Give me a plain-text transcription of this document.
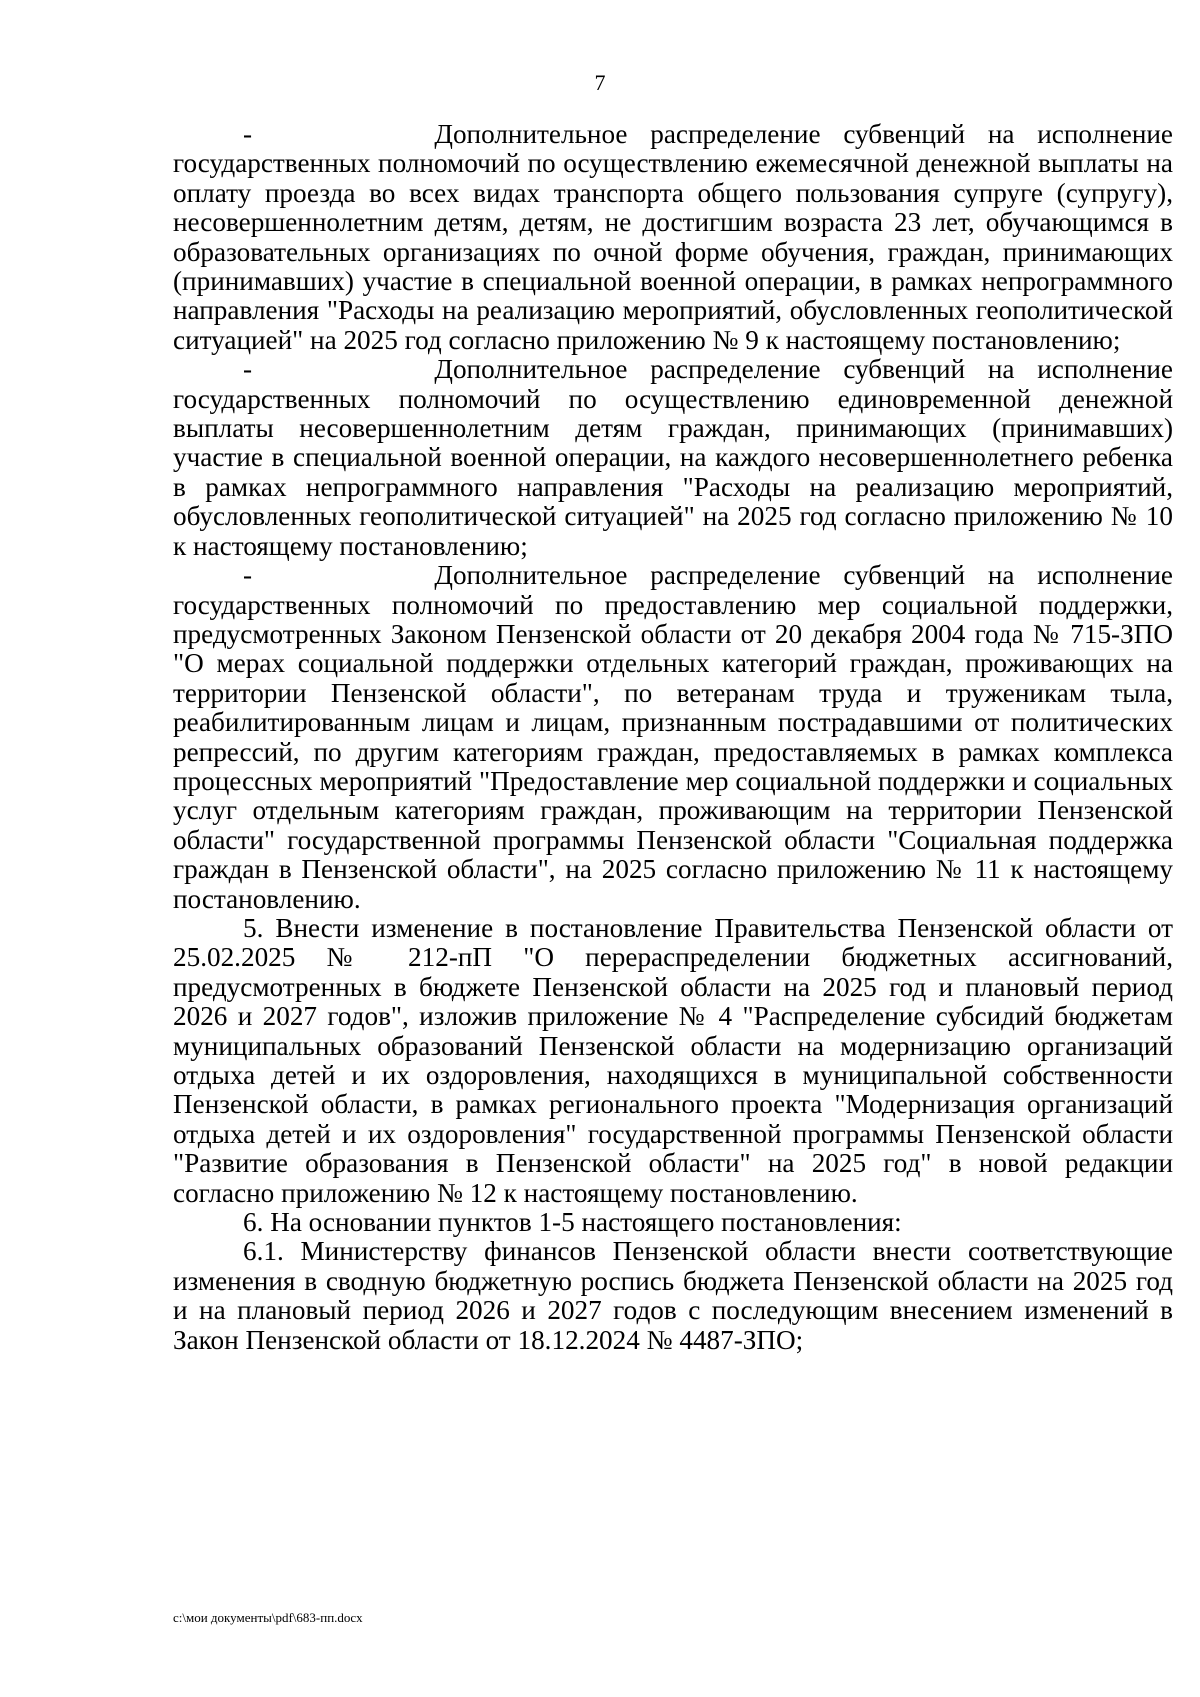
7

-        Дополнительное распределение субвенций на исполнение государственных полномочий по осуществлению ежемесячной денежной выплаты на оплату проезда во всех видах транспорта общего пользования супруге (супругу), несовершеннолетним детям, детям, не достигшим возраста 23 лет, обучающимся в образовательных организациях по очной форме обучения, граждан, принимающих (принимавших) участие в специальной военной операции, в рамках непрограммного направления "Расходы на реализацию мероприятий, обусловленных геополитической ситуацией" на 2025 год согласно приложению № 9 к настоящему постановлению;

-        Дополнительное распределение субвенций на исполнение государственных полномочий по осуществлению единовременной денежной выплаты несовершеннолетним детям граждан, принимающих (принимавших) участие в специальной военной операции, на каждого несовершеннолетнего ребенка в рамках непрограммного направления "Расходы на реализацию мероприятий, обусловленных геополитической ситуацией" на 2025 год согласно приложению № 10 к настоящему постановлению;

-        Дополнительное распределение субвенций на исполнение государственных полномочий по предоставлению мер социальной поддержки, предусмотренных Законом Пензенской области от 20 декабря 2004 года № 715-ЗПО "О мерах социальной поддержки отдельных категорий граждан, проживающих на территории Пензенской области", по ветеранам труда и труженикам тыла, реабилитированным лицам и лицам, признанным пострадавшими от политических репрессий, по другим категориям граждан, предоставляемых в рамках комплекса процессных мероприятий "Предоставление мер социальной поддержки и социальных услуг отдельным категориям граждан, проживающим на территории Пензенской области" государственной программы Пензенской области "Социальная поддержка граждан в Пензенской области", на 2025 согласно приложению № 11 к настоящему постановлению.

5. Внести изменение в постановление Правительства Пензенской области от 25.02.2025 № 212-пП "О перераспределении бюджетных ассигнований, предусмотренных в бюджете Пензенской области на 2025 год и плановый период 2026 и 2027 годов", изложив приложение № 4 "Распределение субсидий бюджетам муниципальных образований Пензенской области на модернизацию организаций отдыха детей и их оздоровления, находящихся в муниципальной собственности Пензенской области, в рамках регионального проекта "Модернизация организаций отдыха детей и их оздоровления" государственной программы Пензенской области "Развитие образования в Пензенской области" на 2025 год" в новой редакции согласно приложению № 12 к настоящему постановлению.

6. На основании пунктов 1-5 настоящего постановления:

6.1. Министерству финансов Пензенской области внести соответствующие изменения в сводную бюджетную роспись бюджета Пензенской области на 2025 год и на плановый период 2026 и 2027 годов с последующим внесением изменений в Закон Пензенской области от 18.12.2024 № 4487-ЗПО;

c:\мои документы\pdf\683-пп.docx
